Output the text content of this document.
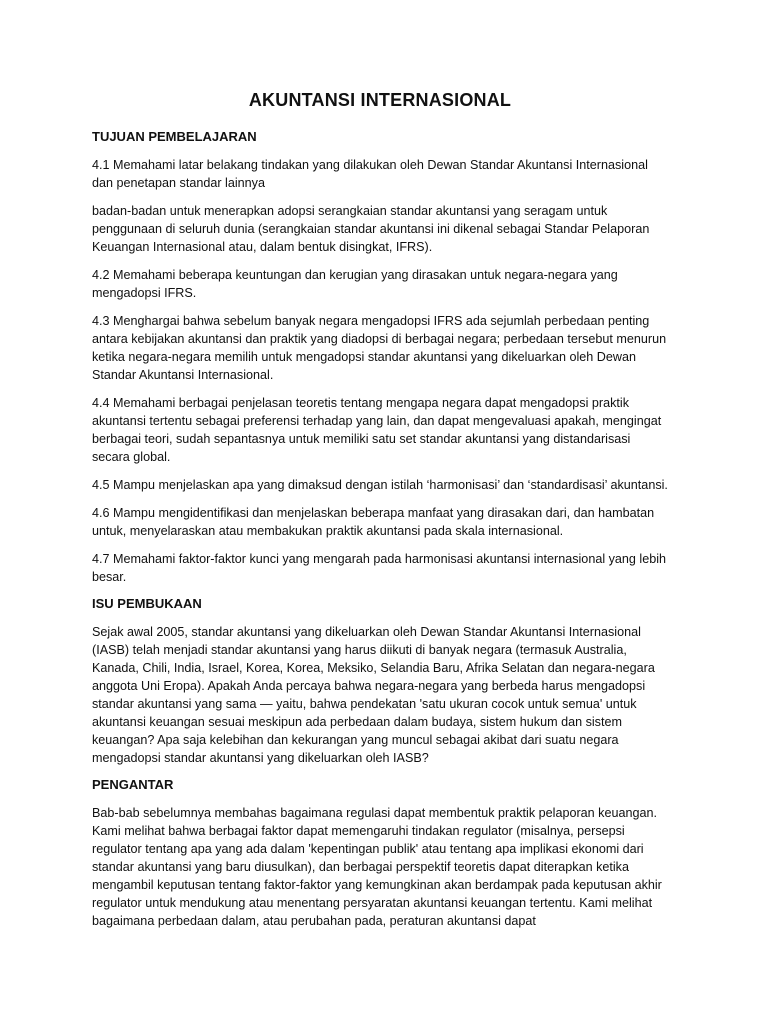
AKUNTANSI INTERNASIONAL
TUJUAN PEMBELAJARAN

4.1 Memahami latar belakang tindakan yang dilakukan oleh Dewan Standar Akuntansi Internasional dan penetapan standar lainnya

badan-badan untuk menerapkan adopsi serangkaian standar akuntansi yang seragam untuk penggunaan di seluruh dunia (serangkaian standar akuntansi ini dikenal sebagai Standar Pelaporan Keuangan Internasional atau, dalam bentuk disingkat, IFRS).

4.2 Memahami beberapa keuntungan dan kerugian yang dirasakan untuk negara-negara yang mengadopsi IFRS.

4.3 Menghargai bahwa sebelum banyak negara mengadopsi IFRS ada sejumlah perbedaan penting antara kebijakan akuntansi dan praktik yang diadopsi di berbagai negara; perbedaan tersebut menurun ketika negara-negara memilih untuk mengadopsi standar akuntansi yang dikeluarkan oleh Dewan Standar Akuntansi Internasional.

4.4 Memahami berbagai penjelasan teoretis tentang mengapa negara dapat mengadopsi praktik akuntansi tertentu sebagai preferensi terhadap yang lain, dan dapat mengevaluasi apakah, mengingat berbagai teori, sudah sepantasnya untuk memiliki satu set standar akuntansi yang distandarisasi secara global.

4.5 Mampu menjelaskan apa yang dimaksud dengan istilah ‘harmonisasi’ dan ‘standardisasi’ akuntansi.

4.6 Mampu mengidentifikasi dan menjelaskan beberapa manfaat yang dirasakan dari, dan hambatan untuk, menyelaraskan atau membakukan praktik akuntansi pada skala internasional.

4.7 Memahami faktor-faktor kunci yang mengarah pada harmonisasi akuntansi internasional yang lebih besar.

ISU PEMBUKAAN

Sejak awal 2005, standar akuntansi yang dikeluarkan oleh Dewan Standar Akuntansi Internasional (IASB) telah menjadi standar akuntansi yang harus diikuti di banyak negara (termasuk Australia, Kanada, Chili, India, Israel, Korea, Korea, Meksiko, Selandia Baru, Afrika Selatan dan negara-negara anggota Uni Eropa). Apakah Anda percaya bahwa negara-negara yang berbeda harus mengadopsi standar akuntansi yang sama — yaitu, bahwa pendekatan 'satu ukuran cocok untuk semua' untuk akuntansi keuangan sesuai meskipun ada perbedaan dalam budaya, sistem hukum dan sistem keuangan? Apa saja kelebihan dan kekurangan yang muncul sebagai akibat dari suatu negara mengadopsi standar akuntansi yang dikeluarkan oleh IASB?

PENGANTAR

Bab-bab sebelumnya membahas bagaimana regulasi dapat membentuk praktik pelaporan keuangan. Kami melihat bahwa berbagai faktor dapat memengaruhi tindakan regulator (misalnya, persepsi regulator tentang apa yang ada dalam 'kepentingan publik' atau tentang apa implikasi ekonomi dari standar akuntansi yang baru diusulkan), dan berbagai perspektif teoretis dapat diterapkan ketika mengambil keputusan tentang faktor-faktor yang kemungkinan akan berdampak pada keputusan akhir regulator untuk mendukung atau menentang persyaratan akuntansi keuangan tertentu. Kami melihat bagaimana perbedaan dalam, atau perubahan pada, peraturan akuntansi dapat
